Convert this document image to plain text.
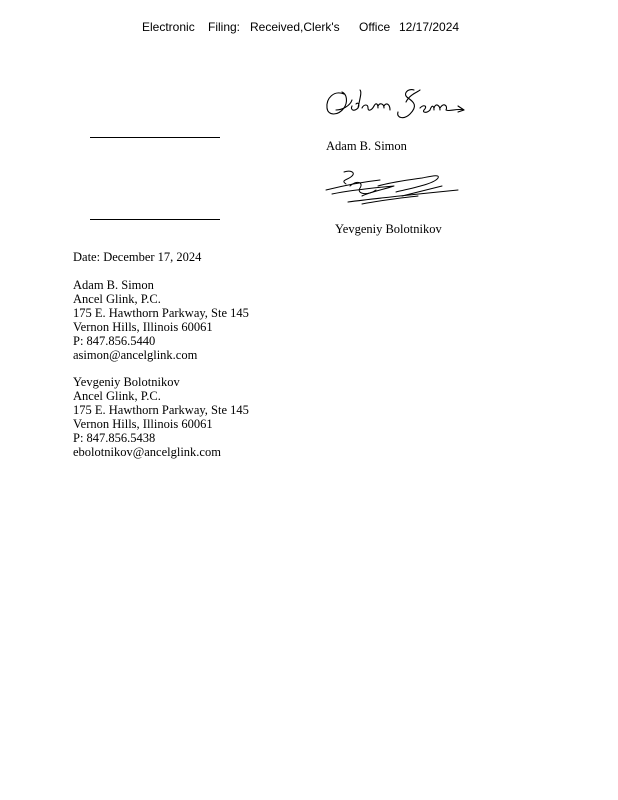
Electronic Filing: Received,Clerk's Office 12/17/2024
Adam B. Simon
Yevgeniy Bolotnikov
Date: December 17, 2024
Adam B. Simon
Ancel Glink, P.C.
175 E. Hawthorn Parkway, Ste 145
Vernon Hills, Illinois 60061
P: 847.856.5440
asimon@ancelglink.com
Yevgeniy Bolotnikov
Ancel Glink, P.C.
175 E. Hawthorn Parkway, Ste 145
Vernon Hills, Illinois 60061
P: 847.856.5438
ebolotnikov@ancelglink.com
